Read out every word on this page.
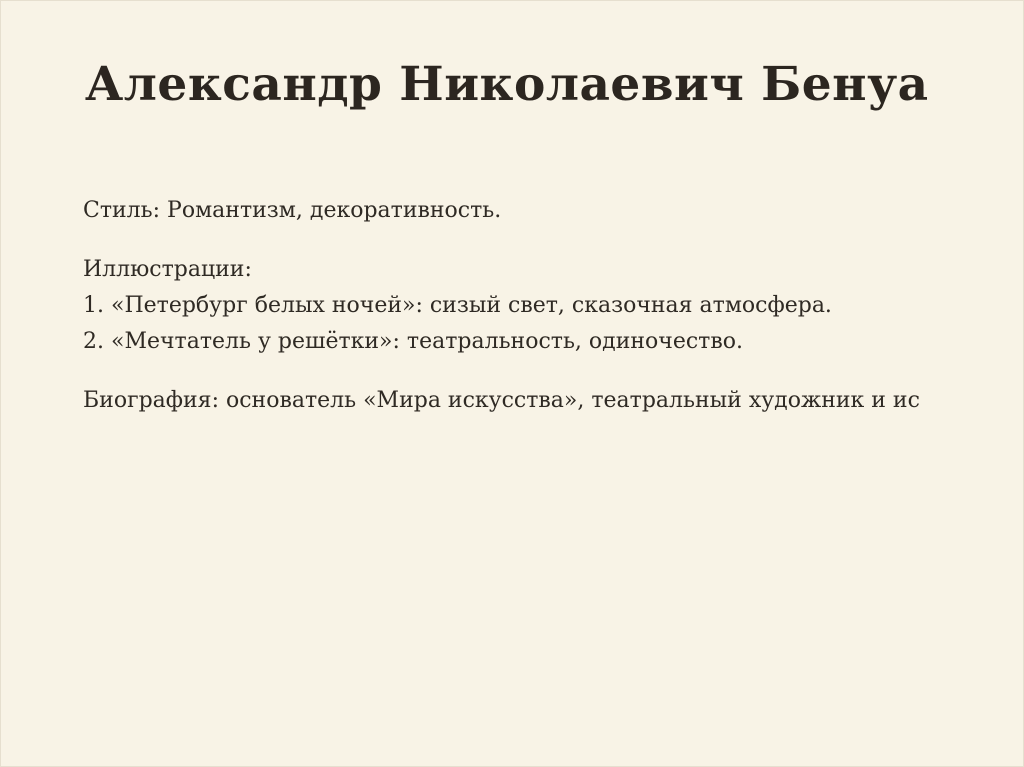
Александр Николаевич Бенуа
Стиль: Романтизм, декоративность.
Иллюстрации:
1. «Петербург белых ночей»: сизый свет, сказочная атмосфера.
2. «Мечтатель у решётки»: театральность, одиночество.
Биография: основатель «Мира искусства», театральный художник и ис
